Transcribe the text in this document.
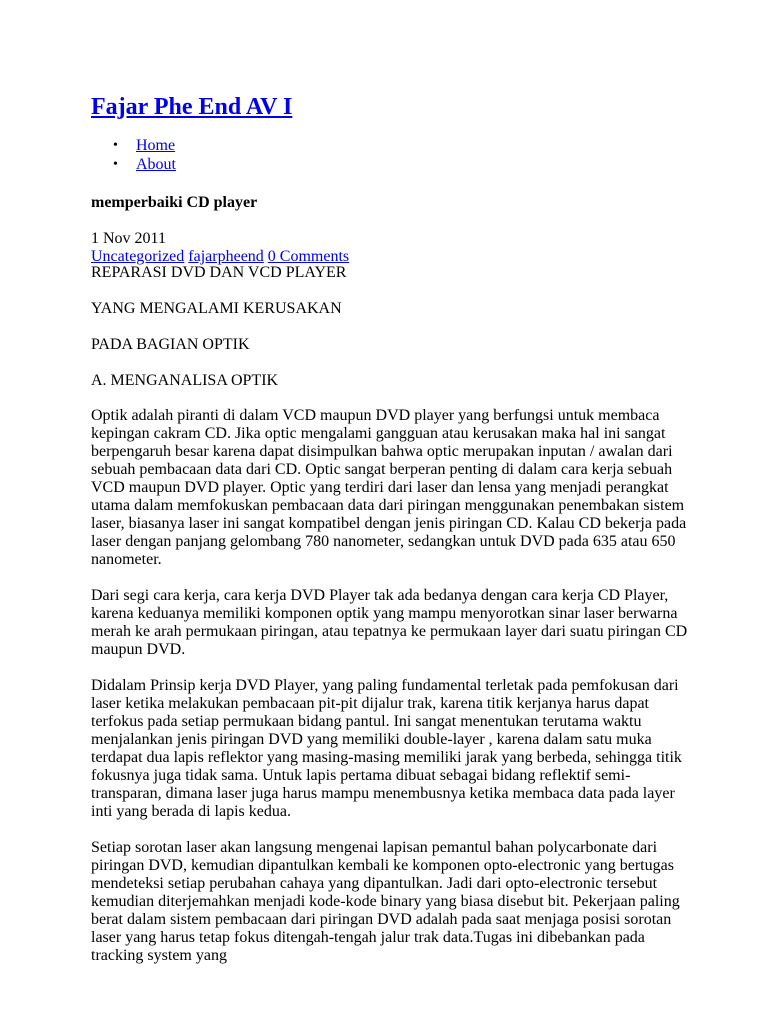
Fajar Phe End AV I
• Home
• About
memperbaiki CD player
1 Nov 2011
Uncategorized fajarpheend 0 Comments

REPARASI DVD DAN VCD PLAYER

YANG MENGALAMI KERUSAKAN

PADA BAGIAN OPTIK

A. MENGANALISA OPTIK

Optik adalah piranti di dalam VCD maupun DVD player yang berfungsi untuk membaca kepingan cakram CD. Jika optic mengalami gangguan atau kerusakan maka hal ini sangat berpengaruh besar karena dapat disimpulkan bahwa optic merupakan inputan / awalan dari sebuah pembacaan data dari CD. Optic sangat berperan penting di dalam cara kerja sebuah VCD maupun DVD player. Optic yang terdiri dari laser dan lensa yang menjadi perangkat utama dalam memfokuskan pembacaan data dari piringan menggunakan penembakan sistem laser, biasanya laser ini sangat kompatibel dengan jenis piringan CD. Kalau CD bekerja pada laser dengan panjang gelombang 780 nanometer, sedangkan untuk DVD pada 635 atau 650 nanometer.

Dari segi cara kerja, cara kerja DVD Player tak ada bedanya dengan cara kerja CD Player, karena keduanya memiliki komponen optik yang mampu menyorotkan sinar laser berwarna merah ke arah permukaan piringan, atau tepatnya ke permukaan layer dari suatu piringan CD maupun DVD.

Didalam Prinsip kerja DVD Player, yang paling fundamental terletak pada pemfokusan dari laser ketika melakukan pembacaan pit-pit dijalur trak, karena titik kerjanya harus dapat terfokus pada setiap permukaan bidang pantul. Ini sangat menentukan terutama waktu menjalankan jenis piringan DVD yang memiliki double-layer , karena dalam satu muka terdapat dua lapis reflektor yang masing-masing memiliki jarak yang berbeda, sehingga titik fokusnya juga tidak sama. Untuk lapis pertama dibuat sebagai bidang reflektif semi-transparan, dimana laser juga harus mampu menembusnya ketika membaca data pada layer inti yang berada di lapis kedua.

Setiap sorotan laser akan langsung mengenai lapisan pemantul bahan polycarbonate dari piringan DVD, kemudian dipantulkan kembali ke komponen opto-electronic yang bertugas mendeteksi setiap perubahan cahaya yang dipantulkan. Jadi dari opto-electronic tersebut kemudian diterjemahkan menjadi kode-kode binary yang biasa disebut bit. Pekerjaan paling berat dalam sistem pembacaan dari piringan DVD adalah pada saat menjaga posisi sorotan laser yang harus tetap fokus ditengah-tengah jalur trak data.Tugas ini dibebankan pada tracking system yang
